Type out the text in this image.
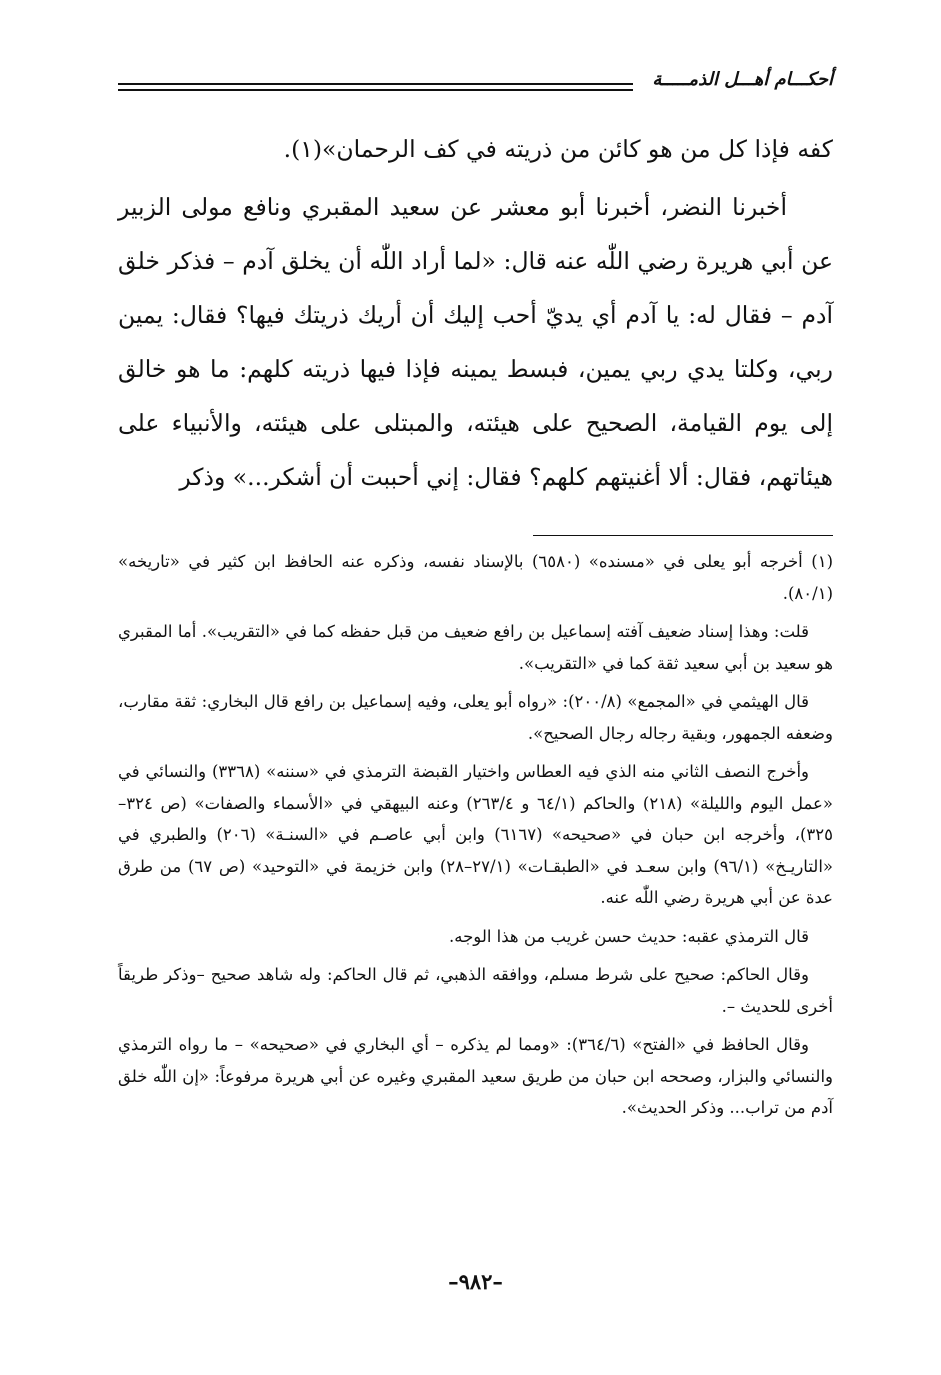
أحكـــام أهـــل الذمـــــة

كفه فإذا كل من هو كائن من ذريته في كف الرحمان»(١).

أخبرنا النضر، أخبرنا أبو معشر عن سعيد المقبري ونافع مولى الزبير عن أبي هريرة رضي اللّٰه عنه قال: «لما أراد اللّٰه أن يخلق آدم – فذكر خلق آدم – فقال له: يا آدم أي يديّ أحب إليك أن أريك ذريتك فيها؟ فقال: يمين ربي، وكلتا يدي ربي يمين، فبسط يمينه فإذا فيها ذريته كلهم: ما هو خالق إلى يوم القيامة، الصحيح على هيئته، والمبتلى على هيئته، والأنبياء على هيئاتهم، فقال: ألا أغنيتهم كلهم؟ فقال: إني أحببت أن أشكر...» وذكر

(١) أخرجه أبو يعلى في «مسنده» (٦٥٨٠) بالإسناد نفسه، وذكره عنه الحافظ ابن كثير في «تاريخه» (٨٠/١).

قلت: وهذا إسناد ضعيف آفته إسماعيل بن رافع ضعيف من قبل حفظه كما في «التقريب». أما المقبري هو سعيد بن أبي سعيد ثقة كما في «التقريب».

قال الهيثمي في «المجمع» (٢٠٠/٨): «رواه أبو يعلى، وفيه إسماعيل بن رافع قال البخاري: ثقة مقارب، وضعفه الجمهور، وبقية رجاله رجال الصحيح».

وأخرج النصف الثاني منه الذي فيه العطاس واختيار القبضة الترمذي في «سننه» (٣٣٦٨) والنسائي في «عمل اليوم والليلة» (٢١٨) والحاكم (٦٤/١ و ٢٦٣/٤) وعنه البيهقي في «الأسماء والصفات» (ص ٣٢٤–٣٢٥)، وأخرجه ابن حبان في «صحيحه» (٦١٦٧) وابن أبي عاصـم في «السنـة» (٢٠٦) والطبري في «التاريـخ» (٩٦/١) وابن سعـد في «الطبقـات» (٢٧/١–٢٨) وابن خزيمة في «التوحيد» (ص ٦٧) من طرق عدة عن أبي هريرة رضي اللّٰه عنه.

قال الترمذي عقبه: حديث حسن غريب من هذا الوجه.

وقال الحاكم: صحيح على شرط مسلم، ووافقه الذهبي، ثم قال الحاكم: وله شاهد صحيح –وذكر طريقاً أخرى للحديث –.

وقال الحافظ في «الفتح» (٣٦٤/٦): «ومما لم يذكره – أي البخاري في «صحيحه» – ما رواه الترمذي والنسائي والبزار، وصححه ابن حبان من طريق سعيد المقبري وغيره عن أبي هريرة مرفوعاً: «إن اللّٰه خلق آدم من تراب... وذكر الحديث».

–٩٨٢–
